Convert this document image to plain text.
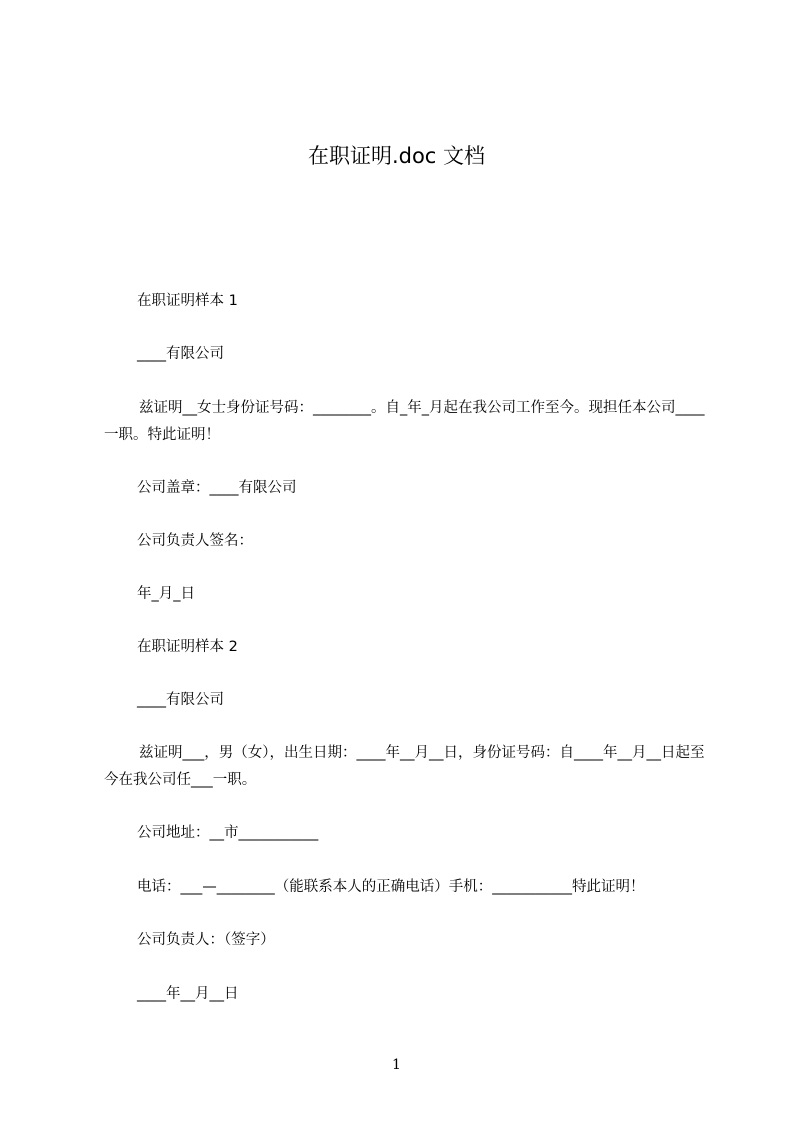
在职证明.doc 文档
在职证明样本 1
____有限公司
兹证明__女士身份证号码：________。自_年_月起在我公司工作至今。现担任本公司____一职。特此证明！
公司盖章：____有限公司
公司负责人签名：
年_月_日
在职证明样本 2
____有限公司
兹证明___，男（女），出生日期：____年__月__日，身份证号码：自____年__月__日起至今在我公司任___一职。
公司地址：__市___________
电话：___—________（能联系本人的正确电话）手机：___________特此证明！
公司负责人：（签字）
____年__月__日
1
